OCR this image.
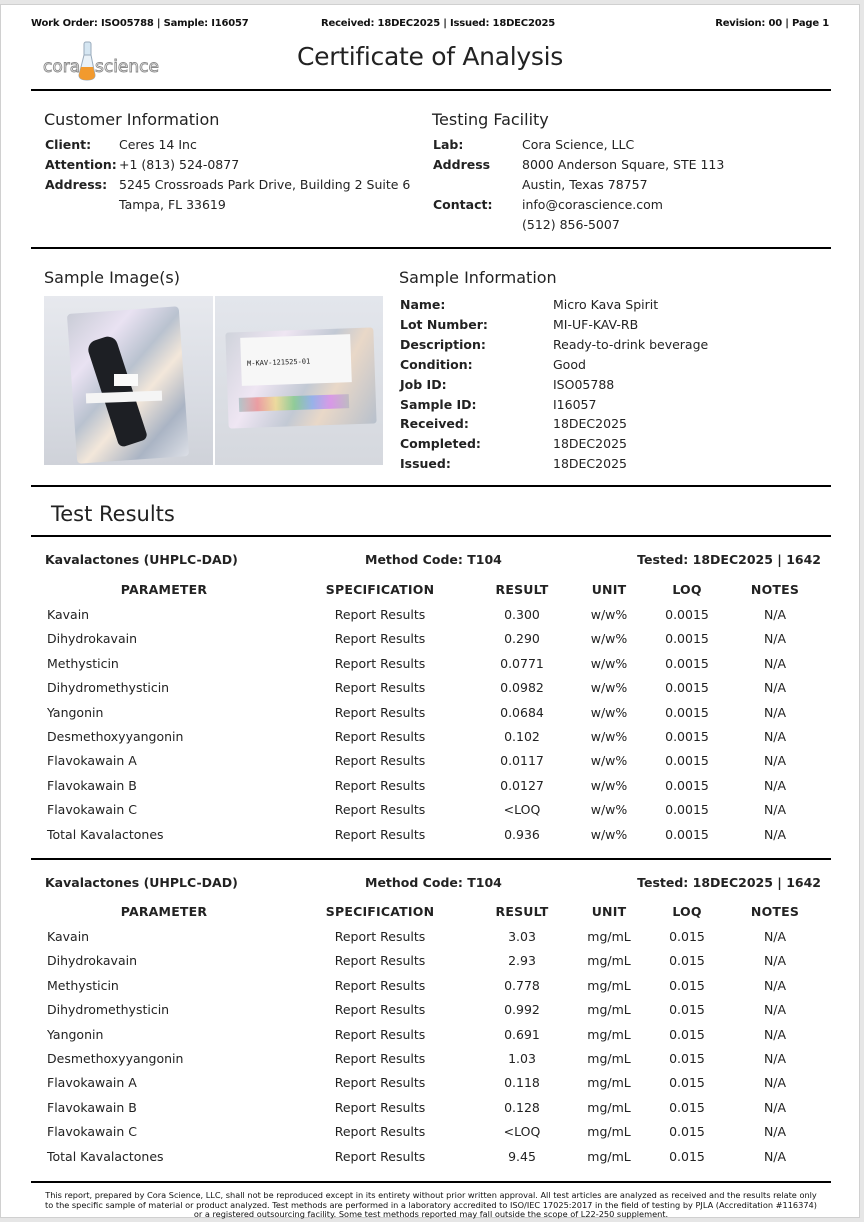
Work Order: ISO05788 | Sample: I16057	Received: 18DEC2025 | Issued: 18DEC2025	Revision: 00 | Page 1
cora science	Certificate of Analysis
Customer Information
Client:	Ceres 14 Inc
Attention: +1 (813) 524-0877
Address: 5245 Crossroads Park Drive, Building 2 Suite 6
Tampa, FL 33619
Testing Facility
Lab:	Cora Science, LLC
Address	8000 Anderson Square, STE 113
Austin, Texas 78757
Contact:	info@corascience.com
(512) 856-5007
Sample Image(s)
M-KAV-121525-01
Sample Information
Name:	Micro Kava Spirit
Lot Number:	MI-UF-KAV-RB
Description:	Ready-to-drink beverage
Condition:	Good
Job ID:	ISO05788
Sample ID:	I16057
Received:	18DEC2025
Completed:	18DEC2025
Issued:	18DEC2025
Test Results
Kavalactones (UHPLC-DAD)	Method Code: T104	Tested: 18DEC2025 | 1642
PARAMETER	SPECIFICATION	RESULT	UNIT	LOQ	NOTES
Kavain	Report Results	0.300	w/w%	0.0015	N/A
Dihydrokavain	Report Results	0.290	w/w%	0.0015	N/A
Methysticin	Report Results	0.0771	w/w%	0.0015	N/A
Dihydromethysticin	Report Results	0.0982	w/w%	0.0015	N/A
Yangonin	Report Results	0.0684	w/w%	0.0015	N/A
Desmethoxyyangonin	Report Results	0.102	w/w%	0.0015	N/A
Flavokawain A	Report Results	0.0117	w/w%	0.0015	N/A
Flavokawain B	Report Results	0.0127	w/w%	0.0015	N/A
Flavokawain C	Report Results	<LOQ	w/w%	0.0015	N/A
Total Kavalactones	Report Results	0.936	w/w%	0.0015	N/A
Kavalactones (UHPLC-DAD)	Method Code: T104	Tested: 18DEC2025 | 1642
PARAMETER	SPECIFICATION	RESULT	UNIT	LOQ	NOTES
Kavain	Report Results	3.03	mg/mL	0.015	N/A
Dihydrokavain	Report Results	2.93	mg/mL	0.015	N/A
Methysticin	Report Results	0.778	mg/mL	0.015	N/A
Dihydromethysticin	Report Results	0.992	mg/mL	0.015	N/A
Yangonin	Report Results	0.691	mg/mL	0.015	N/A
Desmethoxyyangonin	Report Results	1.03	mg/mL	0.015	N/A
Flavokawain A	Report Results	0.118	mg/mL	0.015	N/A
Flavokawain B	Report Results	0.128	mg/mL	0.015	N/A
Flavokawain C	Report Results	<LOQ	mg/mL	0.015	N/A
Total Kavalactones	Report Results	9.45	mg/mL	0.015	N/A
This report, prepared by Cora Science, LLC, shall not be reproduced except in its entirety without prior written approval. All test articles are analyzed as received and the results relate only
to the specific sample of material or product analyzed. Test methods are performed in a laboratory accredited to ISO/IEC 17025:2017 in the field of testing by PJLA (Accreditation #116374)
or a registered outsourcing facility. Some test methods reported may fall outside the scope of L22-250 supplement.
